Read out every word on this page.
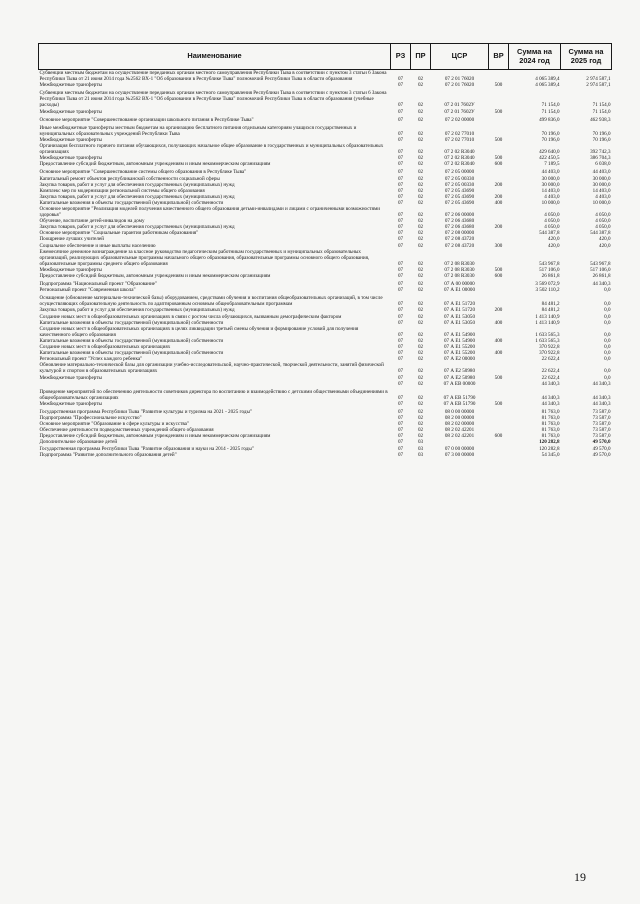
Наименование	РЗ	ПР	ЦСР	ВР	Сумма на 2024 год	Сумма на 2025 год
Субвенции местным бюджетам на осуществление переданных органам местного самоуправления Республики Тыва в соответствии с пунктом 3 статьи 6 Закона Республики Тыва от 21 июня 2014 года №2562 ВХ-1 "Об образовании в Республике Тыва" полномочий Республики Тыва в области образования	07	02	07 2 01 76020		4 065 389,4	2 974 587,1
Межбюджетные трансферты	07	02	07 2 01 76020	500	4 065 389,4	2 974 587,1

Субвенции местным бюджетам на осуществление переданных органам местного самоуправления Республики Тыва в соответствии с пунктом 3 статьи 6 Закона Республики Тыва от 21 июня 2014 года №2562 ВХ-1 "Об образовании в Республике Тыва" полномочий Республики Тыва в области образования (учебные расходы)	07	02	07 2 01 7602У		71 154,0	71 154,0
Межбюджетные трансферты	07	02	07 2 01 7602У	500	71 154,0	71 154,0

Основное мероприятие "Совершенствование организации школьного питания в Республике Тыва"	07	02	07 2 02 00000		499 836,0	462 938,3

Иные межбюджетные трансферты местным бюджетам на организацию бесплатного питания отдельным категориям учащихся государственных и муниципальных образовательных учреждений Республики Тыва	07	02	07 2 02 77010		70 196,0	70 196,0
Межбюджетные трансферты	07	02	07 2 02 77010	500	70 196,0	70 196,0
Организация бесплатного горячего питания обучающихся, получающих начальное общее образование в государственных и муниципальных образовательных организациях	07	02	07 2 02 R3040		429 640,0	392 742,3
Межбюджетные трансферты	07	02	07 2 02 R3040	500	422 450,5	386 704,3
Предоставление субсидий бюджетным, автономным учреждениям и иным некоммерческим организациям	07	02	07 2 02 R3040	600	7 189,5	6 038,0

Основное мероприятие "Совершенствование системы общего образования в Республике Тыва"	07	02	07 2 05 00000		44 403,0	44 403,0
Капитальный ремонт объектов республиканской собственности социальной сферы	07	02	07 2 05 00330		30 000,0	30 000,0
Закупка товаров, работ и услуг для обеспечения государственных (муниципальных) нужд	07	02	07 2 05 00330	200	30 000,0	30 000,0
Комплекс мер по модернизации региональной системы общего образования	07	02	07 2 05 43690		14 403,0	14 403,0
Закупка товаров, работ и услуг для обеспечения государственных (муниципальных) нужд	07	02	07 2 05 43690	200	4 403,0	4 403,0
Капитальные вложения в объекты государственной (муниципальной) собственности	07	02	07 2 05 43690	400	10 000,0	10 000,0
Основное мероприятие "Реализация моделей получения качественного общего образования детьми-инвалидами и лицами с ограниченными возможностями здоровья"	07	02	07 2 06 00000		4 050,0	4 050,0
Обучение, воспитание детей-инвалидов на дому	07	02	07 2 06 43680		4 050,0	4 050,0
Закупка товаров, работ и услуг для обеспечения государственных (муниципальных) нужд	07	02	07 2 06 43680	200	4 050,0	4 050,0
Основное мероприятие "Социальные гарантии работникам образования"	07	02	07 2 08 00000		544 387,8	544 387,8
Поощрение лучших учителей	07	02	07 2 08 43720		420,0	420,0
Социальное обеспечение и иные выплаты населению	07	02	07 2 08 43720	300	420,0	420,0
Ежемесячное денежное вознаграждение за классное руководство педагогическим работникам государственных и муниципальных образовательных организаций, реализующих образовательные программы начального общего образования, образовательные программы основного общего образования, образовательные программы среднего общего образования	07	02	07 2 08 R3030		543 967,8	543 967,8
Межбюджетные трансферты	07	02	07 2 08 R3030	500	517 106,0	517 106,0
Предоставление субсидий бюджетным, автономным учреждениям и иным некоммерческим организациям	07	02	07 2 08 R3030	600	26 861,8	26 861,8

Подпрограмма "Национальный проект "Образование"	07	02	07 А 00 00000		3 569 072,9	44 340,3
Региональный проект "Современная школа"	07	02	07 А Е1 00000		3 502 110,2	0,0

Оснащение (обновление материально-технической базы) оборудованием, средствами обучения и воспитания общеобразовательных организаций, в том числе осуществляющих образовательную деятельность по адаптированным основным общеобразовательным программам	07	02	07 А Е1 51720		84 481,2	0,0
Закупка товаров, работ и услуг для обеспечения государственных (муниципальных) нужд	07	02	07 А Е1 51720	200	84 481,2	0,0
Создание новых мест в общеобразовательных организациях в связи с ростом числа обучающихся, вызванным демографическим фактором	07	02	07 А Е1 53050		1 413 140,9	0,0
Капитальные вложения в объекты государственной (муниципальной) собственности	07	02	07 А Е1 53050	400	1 413 140,9	0,0
Создание новых мест в общеобразовательных организациях в целях ликвидации третьей смены обучения и формирование условий для получения качественного общего образования	07	02	07 А Е1 54900		1 633 565,3	0,0
Капитальные вложения в объекты государственной (муниципальной) собственности	07	02	07 А Е1 54900	400	1 633 565,3	0,0
Создание новых мест в общеобразовательных организациях	07	02	07 А Е1 55200		370 922,8	0,0
Капитальные вложения в объекты государственной (муниципальной) собственности	07	02	07 А Е1 55200	400	370 922,8	0,0
Региональный проект "Успех каждого ребенка"	07	02	07 А Е2 00000		22 622,4	0,0
Обновление материально-технической базы для организации учебно-исследовательской, научно-практической, творческой деятельности, занятий физической культурой и спортом в образовательных организациях	07	02	07 А Е2 50980		22 622,4	0,0
Межбюджетные трансферты	07	02	07 А Е2 50980	500	22 622,4	0,0
	07	02	07 А ЕВ 00000		44 340,3	44 340,3

Проведение мероприятий по обеспечению деятельности советников директора по воспитанию и взаимодействию с детскими общественными объединениями в общеобразовательных организациях	07	02	07 А ЕВ 51790		44 340,3	44 340,3
Межбюджетные трансферты	07	02	07 А ЕВ 51790	500	44 340,3	44 340,3

Государственная программа Республики Тыва "Развитие культуры и туризма на 2021 - 2025 годы"	07	02	08 0 00 00000		81 763,0	73 587,0
Подпрограмма "Профессиональное искусство"	07	02	08 2 00 00000		81 763,0	73 587,0
Основное мероприятие "Образование в сфере культуры и искусства"	07	02	08 2 02 00000		81 763,0	73 587,0
Обеспечение деятельности подведомственных учреждений общего образования	07	02	08 2 02 42201		81 763,0	73 587,0
Предоставление субсидий бюджетным, автономным учреждениям и иным некоммерческим организациям	07	02	08 2 02 42201	600	81 763,0	73 587,0
Дополнительное образование детей	07	03			120 282,8	49 570,0
Государственная программа Республики Тыва "Развитие образования и науки на 2014 - 2025 годы"	07	03	07 0 00 00000		120 282,8	49 570,0
Подпрограмма "Развитие дополнительного образования детей"	07	03	07 3 00 00000		54 345,0	49 570,0
19
